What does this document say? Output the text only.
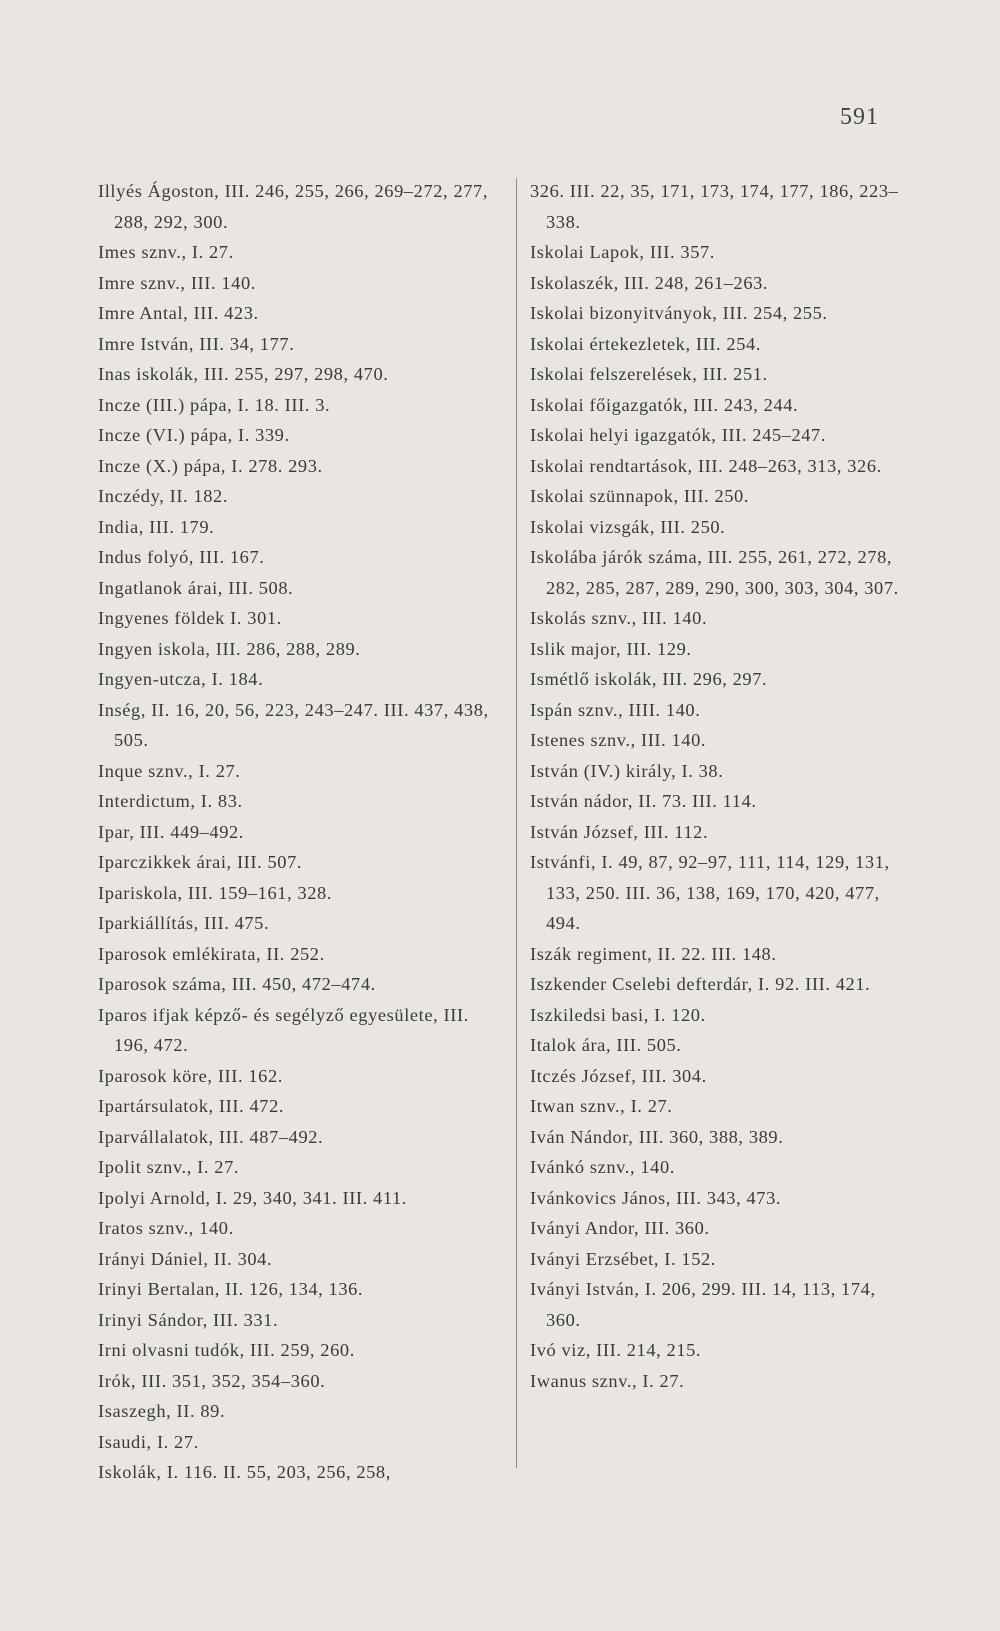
591
Illyés Ágoston, III. 246, 255, 266, 269–272, 277, 288, 292, 300.
Imes sznv., I. 27.
Imre sznv., III. 140.
Imre Antal, III. 423.
Imre István, III. 34, 177.
Inas iskolák, III. 255, 297, 298, 470.
Incze (III.) pápa, I. 18. III. 3.
Incze (VI.) pápa, I. 339.
Incze (X.) pápa, I. 278. 293.
Inczédy, II. 182.
India, III. 179.
Indus folyó, III. 167.
Ingatlanok árai, III. 508.
Ingyenes földek I. 301.
Ingyen iskola, III. 286, 288, 289.
Ingyen-utcza, I. 184.
Inség, II. 16, 20, 56, 223, 243–247. III. 437, 438, 505.
Inque sznv., I. 27.
Interdictum, I. 83.
Ipar, III. 449–492.
Iparczikkek árai, III. 507.
Ipariskola, III. 159–161, 328.
Iparkiállítás, III. 475.
Iparosok emlékirata, II. 252.
Iparosok száma, III. 450, 472–474.
Iparos ifjak képző- és segélyző egyesülete, III. 196, 472.
Iparosok köre, III. 162.
Ipartársulatok, III. 472.
Iparvállalatok, III. 487–492.
Ipolit sznv., I. 27.
Ipolyi Arnold, I. 29, 340, 341. III. 411.
Iratos sznv., 140.
Irányi Dániel, II. 304.
Irinyi Bertalan, II. 126, 134, 136.
Irinyi Sándor, III. 331.
Irni olvasni tudók, III. 259, 260.
Irók, III. 351, 352, 354–360.
Isaszegh, II. 89.
Isaudi, I. 27.
Iskolák, I. 116. II. 55, 203, 256, 258,
326. III. 22, 35, 171, 173, 174, 177, 186, 223–338.
Iskolai Lapok, III. 357.
Iskolaszék, III. 248, 261–263.
Iskolai bizonyitványok, III. 254, 255.
Iskolai értekezletek, III. 254.
Iskolai felszerelések, III. 251.
Iskolai főigazgatók, III. 243, 244.
Iskolai helyi igazgatók, III. 245–247.
Iskolai rendtartások, III. 248–263, 313, 326.
Iskolai szünnapok, III. 250.
Iskolai vizsgák, III. 250.
Iskolába járók száma, III. 255, 261, 272, 278, 282, 285, 287, 289, 290, 300, 303, 304, 307.
Iskolás sznv., III. 140.
Islik major, III. 129.
Ismétlő iskolák, III. 296, 297.
Ispán sznv., IIII. 140.
Istenes sznv., III. 140.
István (IV.) király, I. 38.
István nádor, II. 73. III. 114.
István József, III. 112.
Istvánfi, I. 49, 87, 92–97, 111, 114, 129, 131, 133, 250. III. 36, 138, 169, 170, 420, 477, 494.
Iszák regiment, II. 22. III. 148.
Iszkender Cselebi defterdár, I. 92. III. 421.
Iszkiledsi basi, I. 120.
Italok ára, III. 505.
Itczés József, III. 304.
Itwan sznv., I. 27.
Iván Nándor, III. 360, 388, 389.
Ivánkó sznv., 140.
Ivánkovics János, III. 343, 473.
Iványi Andor, III. 360.
Iványi Erzsébet, I. 152.
Iványi István, I. 206, 299. III. 14, 113, 174, 360.
Ivó viz, III. 214, 215.
Iwanus sznv., I. 27.
